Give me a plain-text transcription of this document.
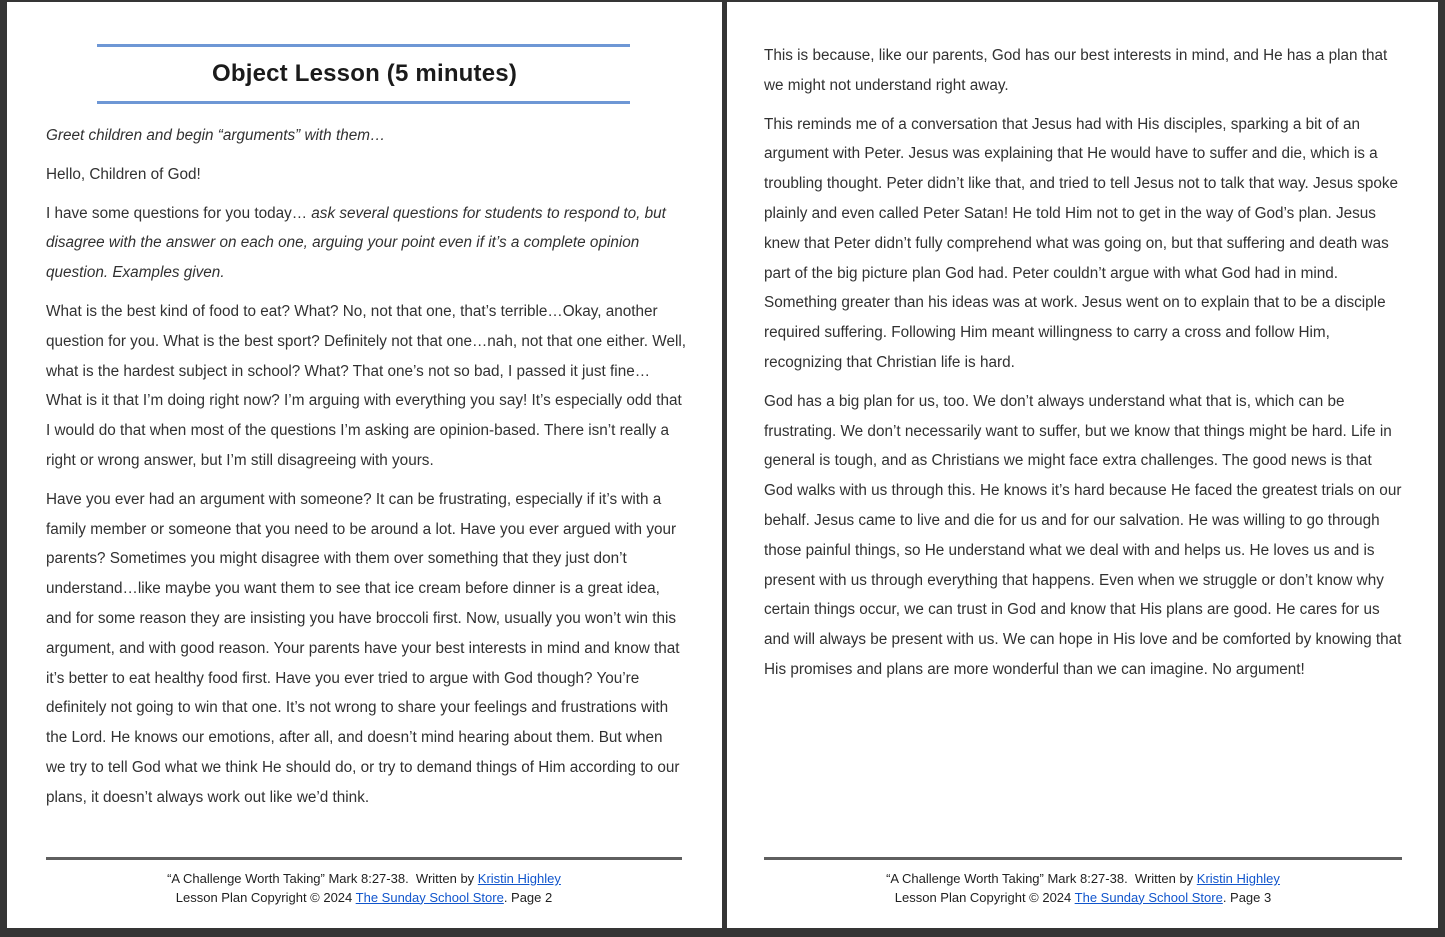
Object Lesson (5 minutes)

Greet children and begin “arguments” with them…

Hello, Children of God!

I have some questions for you today… ask several questions for students to respond to, but disagree with the answer on each one, arguing your point even if it’s a complete opinion question. Examples given.

What is the best kind of food to eat? What? No, not that one, that’s terrible…Okay, another question for you. What is the best sport? Definitely not that one…nah, not that one either. Well, what is the hardest subject in school? What? That one’s not so bad, I passed it just fine… What is it that I’m doing right now? I’m arguing with everything you say! It’s especially odd that I would do that when most of the questions I’m asking are opinion-based. There isn’t really a right or wrong answer, but I’m still disagreeing with yours.

Have you ever had an argument with someone? It can be frustrating, especially if it’s with a family member or someone that you need to be around a lot. Have you ever argued with your parents? Sometimes you might disagree with them over something that they just don’t understand…like maybe you want them to see that ice cream before dinner is a great idea, and for some reason they are insisting you have broccoli first. Now, usually you won’t win this argument, and with good reason. Your parents have your best interests in mind and know that it’s better to eat healthy food first. Have you ever tried to argue with God though? You’re definitely not going to win that one. It’s not wrong to share your feelings and frustrations with the Lord. He knows our emotions, after all, and doesn’t mind hearing about them. But when we try to tell God what we think He should do, or try to demand things of Him according to our plans, it doesn’t always work out like we’d think.

“A Challenge Worth Taking” Mark 8:27-38.  Written by Kristin Highley
Lesson Plan Copyright © 2024 The Sunday School Store. Page 2

This is because, like our parents, God has our best interests in mind, and He has a plan that we might not understand right away.

This reminds me of a conversation that Jesus had with His disciples, sparking a bit of an argument with Peter. Jesus was explaining that He would have to suffer and die, which is a troubling thought. Peter didn’t like that, and tried to tell Jesus not to talk that way. Jesus spoke plainly and even called Peter Satan! He told Him not to get in the way of God’s plan. Jesus knew that Peter didn’t fully comprehend what was going on, but that suffering and death was part of the big picture plan God had. Peter couldn’t argue with what God had in mind. Something greater than his ideas was at work. Jesus went on to explain that to be a disciple required suffering. Following Him meant willingness to carry a cross and follow Him, recognizing that Christian life is hard.

God has a big plan for us, too. We don’t always understand what that is, which can be frustrating. We don’t necessarily want to suffer, but we know that things might be hard. Life in general is tough, and as Christians we might face extra challenges. The good news is that God walks with us through this. He knows it’s hard because He faced the greatest trials on our behalf. Jesus came to live and die for us and for our salvation. He was willing to go through those painful things, so He understand what we deal with and helps us. He loves us and is present with us through everything that happens. Even when we struggle or don’t know why certain things occur, we can trust in God and know that His plans are good. He cares for us and will always be present with us. We can hope in His love and be comforted by knowing that His promises and plans are more wonderful than we can imagine. No argument!

“A Challenge Worth Taking” Mark 8:27-38.  Written by Kristin Highley
Lesson Plan Copyright © 2024 The Sunday School Store. Page 3
